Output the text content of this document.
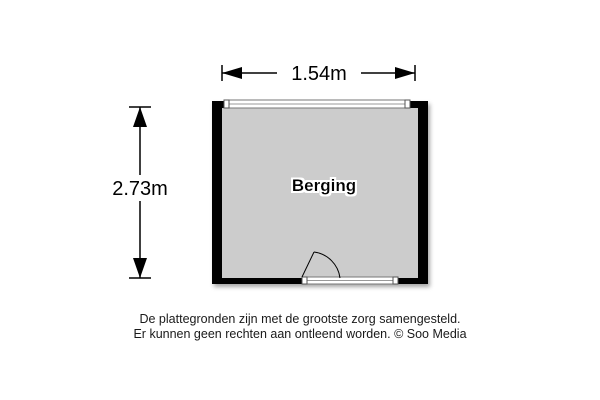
1.54m
2.73m	Berging
De plattegronden zijn met de grootste zorg samengesteld.
Er kunnen geen rechten aan ontleend worden. © Soo Media
